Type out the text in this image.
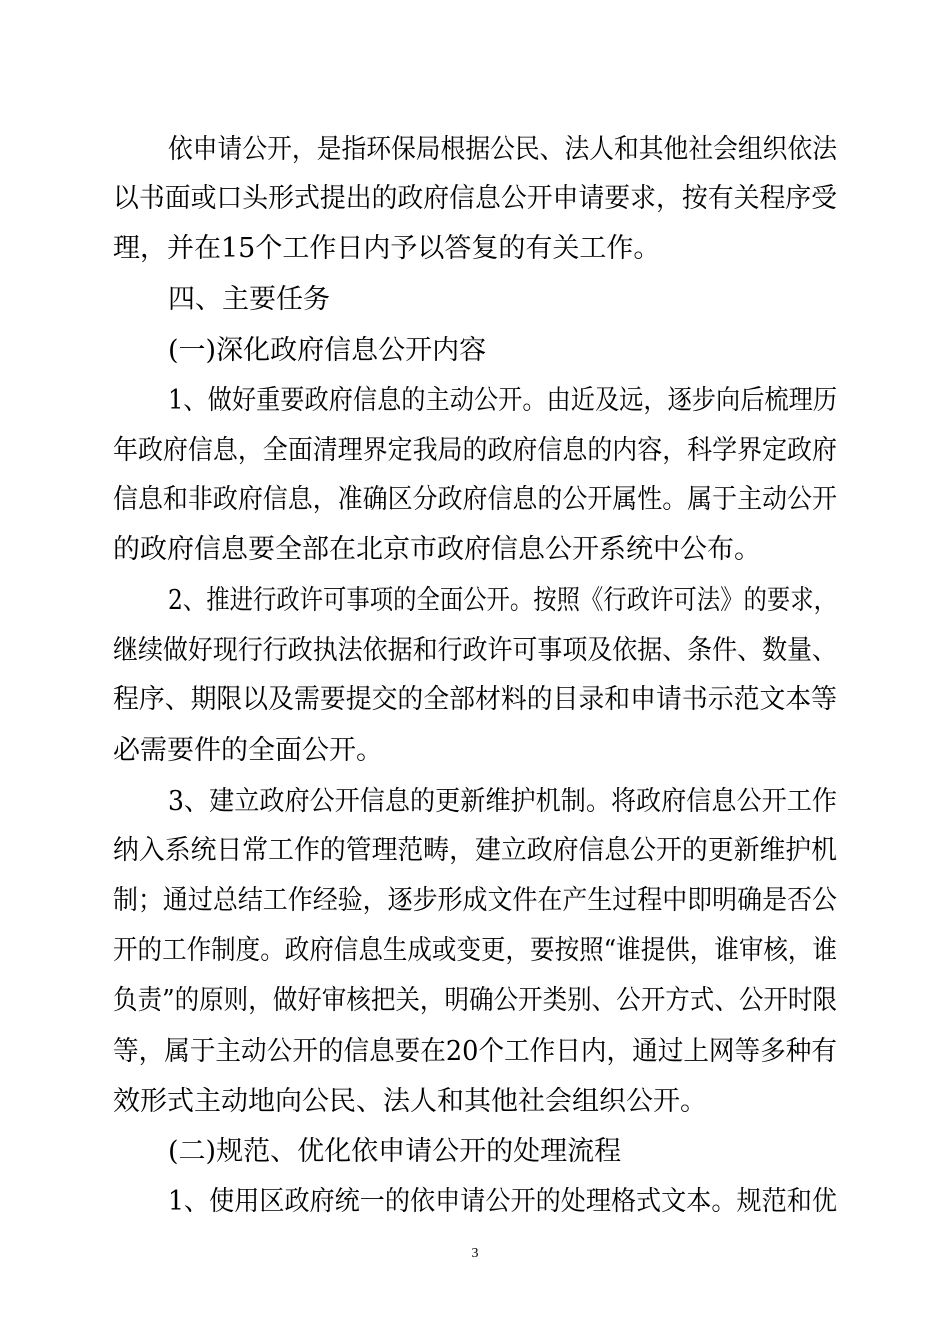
依申请公开，是指环保局根据公民、法人和其他社会组织依法
以书面或口头形式提出的政府信息公开申请要求，按有关程序受
理，并在15个工作日内予以答复的有关工作。
四、主要任务
(一)深化政府信息公开内容
1、做好重要政府信息的主动公开。由近及远，逐步向后梳理历
年政府信息，全面清理界定我局的政府信息的内容，科学界定政府
信息和非政府信息，准确区分政府信息的公开属性。属于主动公开
的政府信息要全部在北京市政府信息公开系统中公布。
2、推进行政许可事项的全面公开。按照《行政许可法》的要求，
继续做好现行行政执法依据和行政许可事项及依据、条件、数量、
程序、期限以及需要提交的全部材料的目录和申请书示范文本等
必需要件的全面公开。
3、建立政府公开信息的更新维护机制。将政府信息公开工作
纳入系统日常工作的管理范畴，建立政府信息公开的更新维护机
制；通过总结工作经验，逐步形成文件在产生过程中即明确是否公
开的工作制度。政府信息生成或变更，要按照“谁提供，谁审核，谁
负责”的原则，做好审核把关，明确公开类别、公开方式、公开时限
等，属于主动公开的信息要在20个工作日内，通过上网等多种有
效形式主动地向公民、法人和其他社会组织公开。
(二)规范、优化依申请公开的处理流程
1、使用区政府统一的依申请公开的处理格式文本。规范和优
3
